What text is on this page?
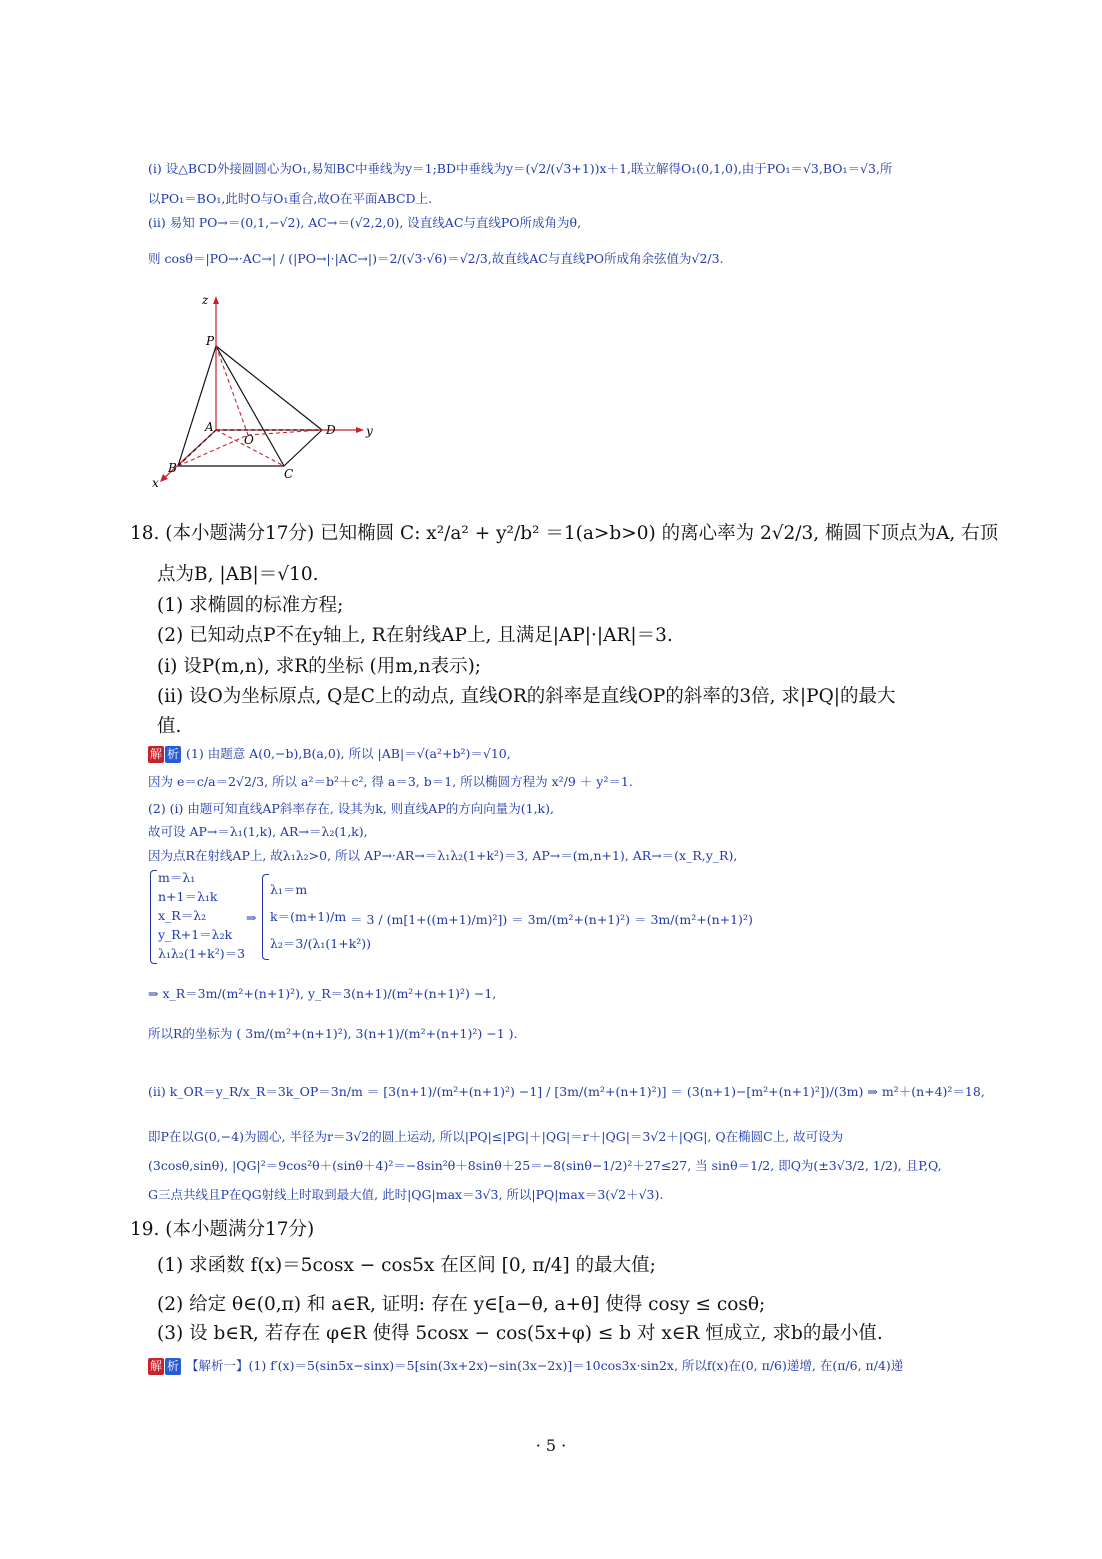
(i) 设△BCD外接圆圆心为O₁,易知BC中垂线为y＝1;BD中垂线为y＝(√2/(√3+1))x＋1,联立解得O₁(0,1,0),由于PO₁＝√3,BO₁＝√3,所
以PO₁＝BO₁,此时O与O₁重合,故O在平面ABCD上.
(ii) 易知 PO→＝(0,1,−√2), AC→＝(√2,2,0), 设直线AC与直线PO所成角为θ,
则 cosθ＝|PO→·AC→| / (|PO→|·|AC→|)＝2/(√3·√6)＝√2/3,故直线AC与直线PO所成角余弦值为√2/3.
z
P
A
O
D	y
B	C
x
18. (本小题满分17分) 已知椭圆 C: x²/a² + y²/b² ＝1(a>b>0) 的离心率为 2√2/3, 椭圆下顶点为A, 右顶
点为B, |AB|＝√10.
(1) 求椭圆的标准方程;
(2) 已知动点P不在y轴上, R在射线AP上, 且满足|AP|·|AR|＝3.
(i) 设P(m,n), 求R的坐标 (用m,n表示);
(ii) 设O为坐标原点, Q是C上的动点, 直线OR的斜率是直线OP的斜率的3倍, 求|PQ|的最大
值.
解 析 (1) 由题意 A(0,−b),B(a,0), 所以 |AB|＝√(a²+b²)＝√10,
因为 e＝c/a＝2√2/3, 所以 a²＝b²＋c², 得 a＝3, b＝1, 所以椭圆方程为 x²/9 ＋ y²＝1.
(2) (i) 由题可知直线AP斜率存在, 设其为k, 则直线AP的方向向量为(1,k),
故可设 AP→＝λ₁(1,k), AR→＝λ₂(1,k),
因为点R在射线AP上, 故λ₁λ₂>0, 所以 AP→·AR→＝λ₁λ₂(1+k²)＝3, AP→＝(m,n+1), AR→＝(x_R,y_R),
m＝λ₁
n+1＝λ₁k
x_R＝λ₂
y_R+1＝λ₂k
λ₁λ₂(1+k²)＝3
⇒
λ₁＝m
k＝(m+1)/m
λ₂＝3/(λ₁(1+k²))
＝ 3 / (m[1+((m+1)/m)²]) ＝ 3m/(m²+(n+1)²) ＝ 3m/(m²+(n+1)²)
⇒ x_R＝3m/(m²+(n+1)²), y_R＝3(n+1)/(m²+(n+1)²) −1,
所以R的坐标为 ( 3m/(m²+(n+1)²), 3(n+1)/(m²+(n+1)²) −1 ).
(ii) k_OR＝y_R/x_R＝3k_OP＝3n/m ＝ [3(n+1)/(m²+(n+1)²) −1] / [3m/(m²+(n+1)²)] ＝ (3(n+1)−[m²+(n+1)²])/(3m) ⇒ m²＋(n+4)²＝18,
即P在以G(0,−4)为圆心, 半径为r＝3√2的圆上运动, 所以|PQ|≤|PG|＋|QG|＝r＋|QG|＝3√2＋|QG|, Q在椭圆C上, 故可设为
(3cosθ,sinθ), |QG|²＝9cos²θ＋(sinθ＋4)²＝−8sin²θ＋8sinθ＋25＝−8(sinθ−1/2)²＋27≤27, 当 sinθ＝1/2, 即Q为(±3√3/2, 1/2), 且P,Q,
G三点共线且P在QG射线上时取到最大值, 此时|QG|max＝3√3, 所以|PQ|max＝3(√2＋√3).
19. (本小题满分17分)
(1) 求函数 f(x)＝5cosx − cos5x 在区间 [0, π/4] 的最大值;
(2) 给定 θ∈(0,π) 和 a∈R, 证明: 存在 y∈[a−θ, a+θ] 使得 cosy ≤ cosθ;
(3) 设 b∈R, 若存在 φ∈R 使得 5cosx − cos(5x+φ) ≤ b 对 x∈R 恒成立, 求b的最小值.
解 析 【解析一】(1) f′(x)＝5(sin5x−sinx)＝5[sin(3x+2x)−sin(3x−2x)]＝10cos3x·sin2x, 所以f(x)在(0, π/6)递增, 在(π/6, π/4)递
· 5 ·
